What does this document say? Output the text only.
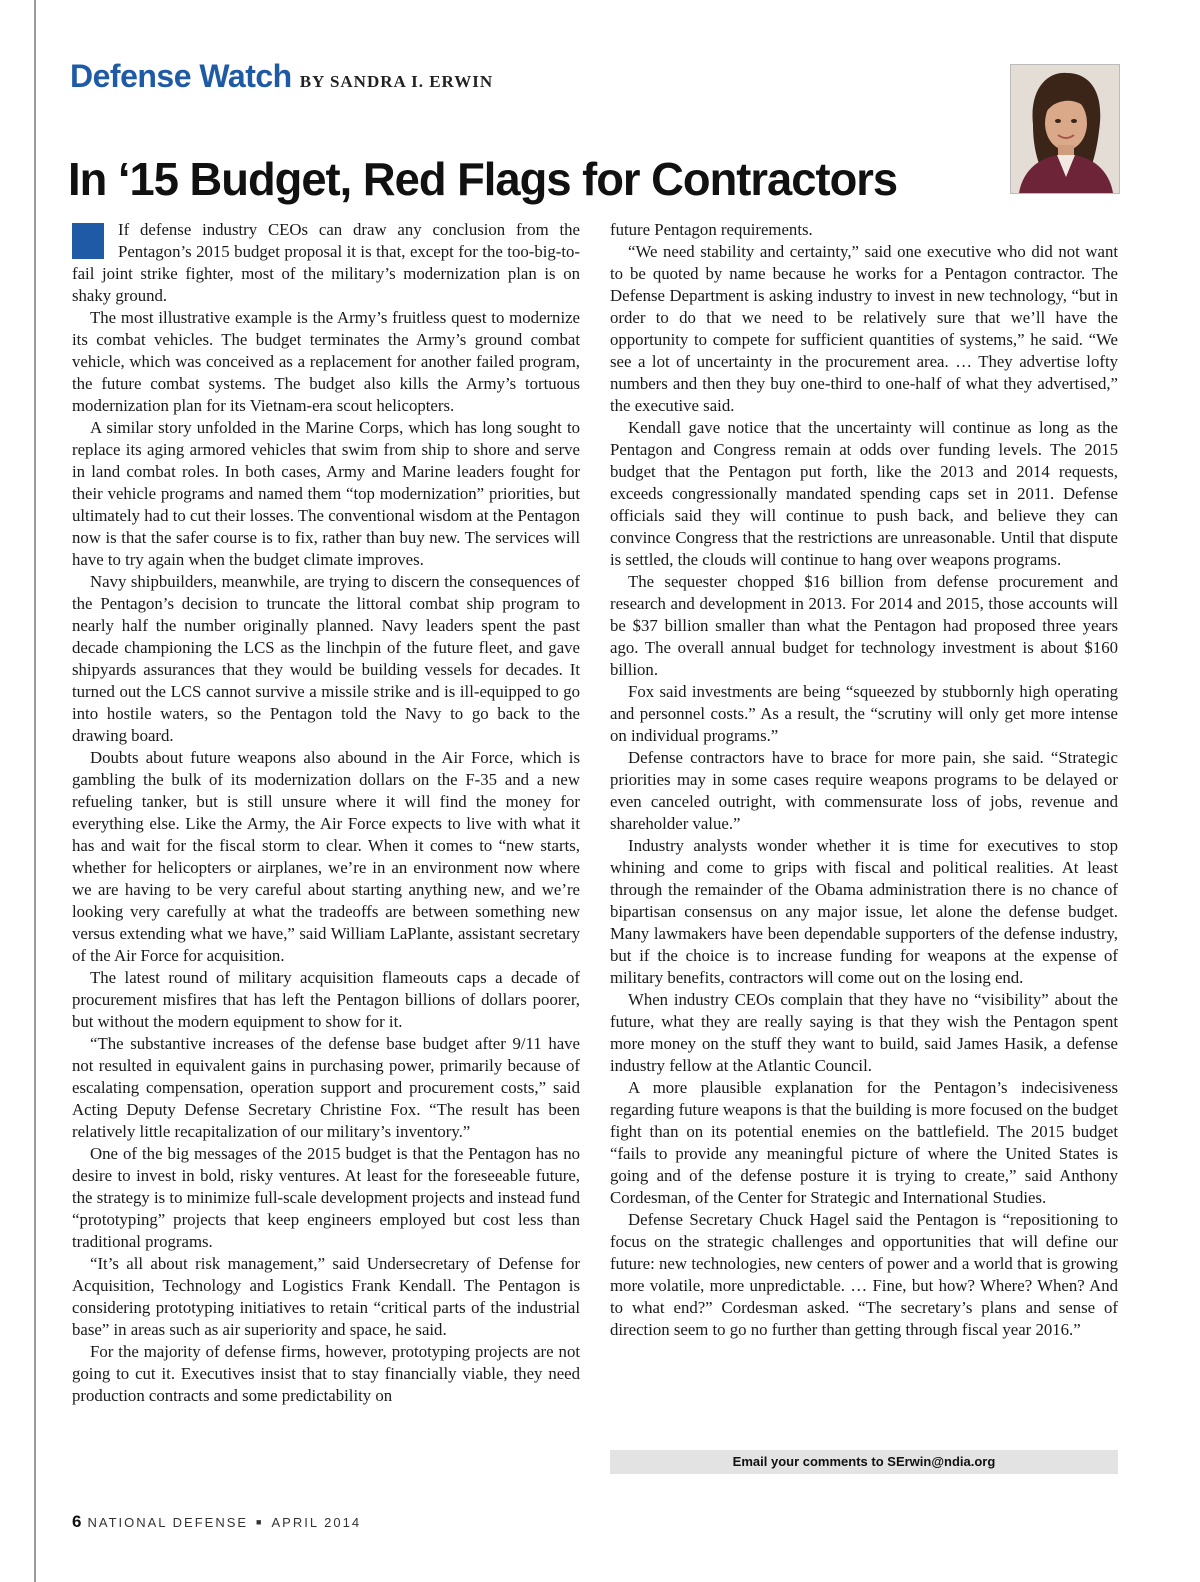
Defense Watch BY SANDRA I. ERWIN
In ‘15 Budget, Red Flags for Contractors

If defense industry CEOs can draw any conclusion from the Pentagon’s 2015 budget proposal it is that, except for the too-big-to-fail joint strike fighter, most of the military’s modernization plan is on shaky ground.

The most illustrative example is the Army’s fruitless quest to modernize its combat vehicles. The budget terminates the Army’s ground combat vehicle, which was conceived as a replacement for another failed program, the future combat systems. The budget also kills the Army’s tortuous modernization plan for its Vietnam-era scout helicopters.

A similar story unfolded in the Marine Corps, which has long sought to replace its aging armored vehicles that swim from ship to shore and serve in land combat roles. In both cases, Army and Marine leaders fought for their vehicle programs and named them “top modernization” priorities, but ultimately had to cut their losses. The conventional wisdom at the Pentagon now is that the safer course is to fix, rather than buy new. The services will have to try again when the budget climate improves.

Navy shipbuilders, meanwhile, are trying to discern the consequences of the Pentagon’s decision to truncate the littoral combat ship program to nearly half the number originally planned. Navy leaders spent the past decade championing the LCS as the linchpin of the future fleet, and gave shipyards assurances that they would be building vessels for decades. It turned out the LCS cannot survive a missile strike and is ill-equipped to go into hostile waters, so the Pentagon told the Navy to go back to the drawing board.

Doubts about future weapons also abound in the Air Force, which is gambling the bulk of its modernization dollars on the F-35 and a new refueling tanker, but is still unsure where it will find the money for everything else. Like the Army, the Air Force expects to live with what it has and wait for the fiscal storm to clear. When it comes to “new starts, whether for helicopters or airplanes, we’re in an environment now where we are having to be very careful about starting anything new, and we’re looking very carefully at what the tradeoffs are between something new versus extending what we have,” said William LaPlante, assistant secretary of the Air Force for acquisition.

The latest round of military acquisition flameouts caps a decade of procurement misfires that has left the Pentagon billions of dollars poorer, but without the modern equipment to show for it.

“The substantive increases of the defense base budget after 9/11 have not resulted in equivalent gains in purchasing power, primarily because of escalating compensation, operation support and procurement costs,” said Acting Deputy Defense Secretary Christine Fox. “The result has been relatively little recapitalization of our military’s inventory.”

One of the big messages of the 2015 budget is that the Pentagon has no desire to invest in bold, risky ventures. At least for the foreseeable future, the strategy is to minimize full-scale development projects and instead fund “prototyping” projects that keep engineers employed but cost less than traditional programs.

“It’s all about risk management,” said Undersecretary of Defense for Acquisition, Technology and Logistics Frank Kendall. The Pentagon is considering prototyping initiatives to retain “critical parts of the industrial base” in areas such as air superiority and space, he said.

For the majority of defense firms, however, prototyping projects are not going to cut it. Executives insist that to stay financially viable, they need production contracts and some predictability on

future Pentagon requirements.

“We need stability and certainty,” said one executive who did not want to be quoted by name because he works for a Pentagon contractor. The Defense Department is asking industry to invest in new technology, “but in order to do that we need to be relatively sure that we’ll have the opportunity to compete for sufficient quantities of systems,” he said. “We see a lot of uncertainty in the procurement area. … They advertise lofty numbers and then they buy one-third to one-half of what they advertised,” the executive said.

Kendall gave notice that the uncertainty will continue as long as the Pentagon and Congress remain at odds over funding levels. The 2015 budget that the Pentagon put forth, like the 2013 and 2014 requests, exceeds congressionally mandated spending caps set in 2011. Defense officials said they will continue to push back, and believe they can convince Congress that the restrictions are unreasonable. Until that dispute is settled, the clouds will continue to hang over weapons programs.

The sequester chopped $16 billion from defense procurement and research and development in 2013. For 2014 and 2015, those accounts will be $37 billion smaller than what the Pentagon had proposed three years ago. The overall annual budget for technology investment is about $160 billion.

Fox said investments are being “squeezed by stubbornly high operating and personnel costs.” As a result, the “scrutiny will only get more intense on individual programs.”

Defense contractors have to brace for more pain, she said. “Strategic priorities may in some cases require weapons programs to be delayed or even canceled outright, with commensurate loss of jobs, revenue and shareholder value.”

Industry analysts wonder whether it is time for executives to stop whining and come to grips with fiscal and political realities. At least through the remainder of the Obama administration there is no chance of bipartisan consensus on any major issue, let alone the defense budget. Many lawmakers have been dependable supporters of the defense industry, but if the choice is to increase funding for weapons at the expense of military benefits, contractors will come out on the losing end.

When industry CEOs complain that they have no “visibility” about the future, what they are really saying is that they wish the Pentagon spent more money on the stuff they want to build, said James Hasik, a defense industry fellow at the Atlantic Council.

A more plausible explanation for the Pentagon’s indecisiveness regarding future weapons is that the building is more focused on the budget fight than on its potential enemies on the battlefield. The 2015 budget “fails to provide any meaningful picture of where the United States is going and of the defense posture it is trying to create,” said Anthony Cordesman, of the Center for Strategic and International Studies.

Defense Secretary Chuck Hagel said the Pentagon is “repositioning to focus on the strategic challenges and opportunities that will define our future: new technologies, new centers of power and a world that is growing more volatile, more unpredictable. … Fine, but how? Where? When? And to what end?” Cordesman asked. “The secretary’s plans and sense of direction seem to go no further than getting through fiscal year 2016.”

Email your comments to SErwin@ndia.org
6 NATIONAL DEFENSE ■ APRIL 2014
